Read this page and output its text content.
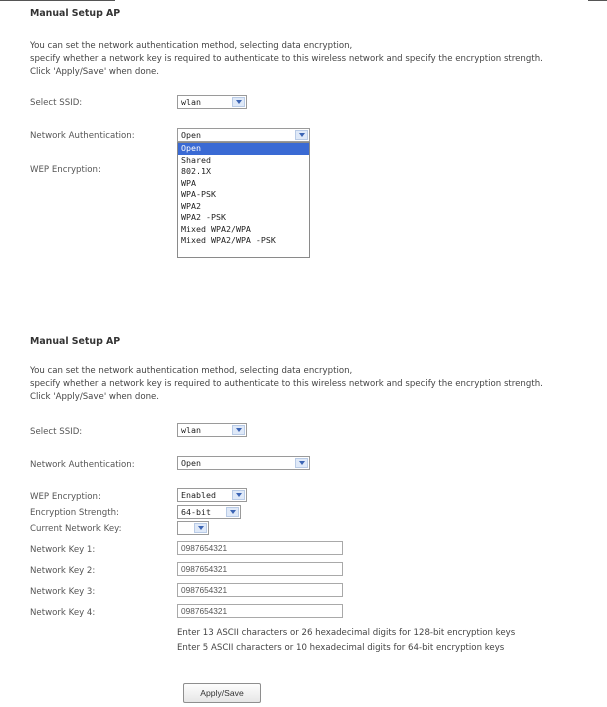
Manual Setup AP
You can set the network authentication method, selecting data encryption,
specify whether a network key is required to authenticate to this wireless network and specify the encryption strength.
Click 'Apply/Save' when done.
Select SSID:	wlan
Network Authentication:	Open
WEP Encryption:
Open
Shared
802.1X
WPA
WPA-PSK
WPA2
WPA2 -PSK
Mixed WPA2/WPA
Mixed WPA2/WPA -PSK
Manual Setup AP
You can set the network authentication method, selecting data encryption,
specify whether a network key is required to authenticate to this wireless network and specify the encryption strength.
Click 'Apply/Save' when done.
Select SSID:	wlan
Network Authentication:	Open
WEP Encryption:	Enabled
Encryption Strength:	64-bit
Current Network Key:
Network Key 1:	0987654321
Network Key 2:	0987654321
Network Key 3:	0987654321
Network Key 4:	0987654321
Enter 13 ASCII characters or 26 hexadecimal digits for 128-bit encryption keys
Enter 5 ASCII characters or 10 hexadecimal digits for 64-bit encryption keys
Apply/Save
